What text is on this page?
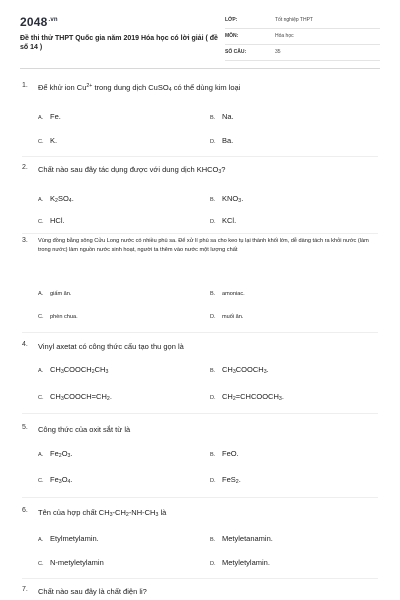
$2048^{.vn}$
Đề thi thử THPT Quốc gia năm 2019 Hóa học có lời giải ( đề số 14 )
LỚP:	Tốt nghiệp THPT
MÔN:	Hóa học
SỐ CÂU:	35
1. Để khử ion $Cu^{2+}$ trong dung dịch CuSO$_4$ có thể dùng kim loại
A. Fe.	B. Na.
C. K.	D. Ba.
2. Chất nào sau đây tác dụng được với dung dịch $KHCO_3$?
A. $K_2SO_4$.	B. $KNO_3$.
C. HCl.	D. KCl.
3. Vùng đồng bằng sông Cửu Long nước có nhiều phù sa. Để xử lí phù sa cho keo tụ lại thành khối lớn, dễ dàng tách ra khỏi nước (làm trong nước) làm nguồn nước sinh hoạt, người ta thêm vào nước một lượng chất
A. giấm ăn.	B. amoniac.
C. phèn chua.	D. muối ăn.
4. Vinyl axetat có công thức cấu tạo thu gọn là
A. $CH_3COOCH_2CH_3$	B. $CH_3COOCH_3$.
C. $CH_3COOCH=CH_2$.	D. $CH_2=CHCOOCH_3$.
5. Công thức của oxit sắt từ là
A. $Fe_2O_3$.	B. FeO.
C. $Fe_3O_4$.	D. FeS$_2$.
6. Tên của hợp chất $CH_3-CH_2-NH-CH_3$ là
A. Etylmetylamin.	B. Metyletanamin.
C. N-metyletylamin	D. Metyletylamin.
7. Chất nào sau đây là chất điện li?
